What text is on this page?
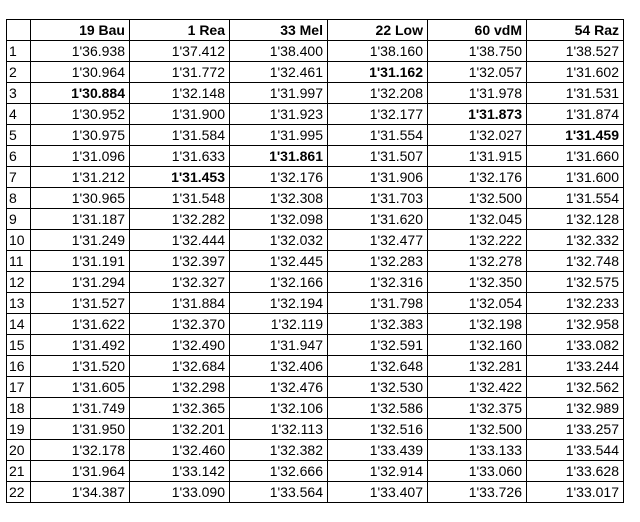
	19 Bau	1 Rea	33 Mel	22 Low	60 vdM	54 Raz
1	1'36.938	1'37.412	1'38.400	1'38.160	1'38.750	1'38.527
2	1'30.964	1'31.772	1'32.461	1'31.162	1'32.057	1'31.602
3	1'30.884	1'32.148	1'31.997	1'32.208	1'31.978	1'31.531
4	1'30.952	1'31.900	1'31.923	1'32.177	1'31.873	1'31.874
5	1'30.975	1'31.584	1'31.995	1'31.554	1'32.027	1'31.459
6	1'31.096	1'31.633	1'31.861	1'31.507	1'31.915	1'31.660
7	1'31.212	1'31.453	1'32.176	1'31.906	1'32.176	1'31.600
8	1'30.965	1'31.548	1'32.308	1'31.703	1'32.500	1'31.554
9	1'31.187	1'32.282	1'32.098	1'31.620	1'32.045	1'32.128
10	1'31.249	1'32.444	1'32.032	1'32.477	1'32.222	1'32.332
11	1'31.191	1'32.397	1'32.445	1'32.283	1'32.278	1'32.748
12	1'31.294	1'32.327	1'32.166	1'32.316	1'32.350	1'32.575
13	1'31.527	1'31.884	1'32.194	1'31.798	1'32.054	1'32.233
14	1'31.622	1'32.370	1'32.119	1'32.383	1'32.198	1'32.958
15	1'31.492	1'32.490	1'31.947	1'32.591	1'32.160	1'33.082
16	1'31.520	1'32.684	1'32.406	1'32.648	1'32.281	1'33.244
17	1'31.605	1'32.298	1'32.476	1'32.530	1'32.422	1'32.562
18	1'31.749	1'32.365	1'32.106	1'32.586	1'32.375	1'32.989
19	1'31.950	1'32.201	1'32.113	1'32.516	1'32.500	1'33.257
20	1'32.178	1'32.460	1'32.382	1'33.439	1'33.133	1'33.544
21	1'31.964	1'33.142	1'32.666	1'32.914	1'33.060	1'33.628
22	1'34.387	1'33.090	1'33.564	1'33.407	1'33.726	1'33.017
